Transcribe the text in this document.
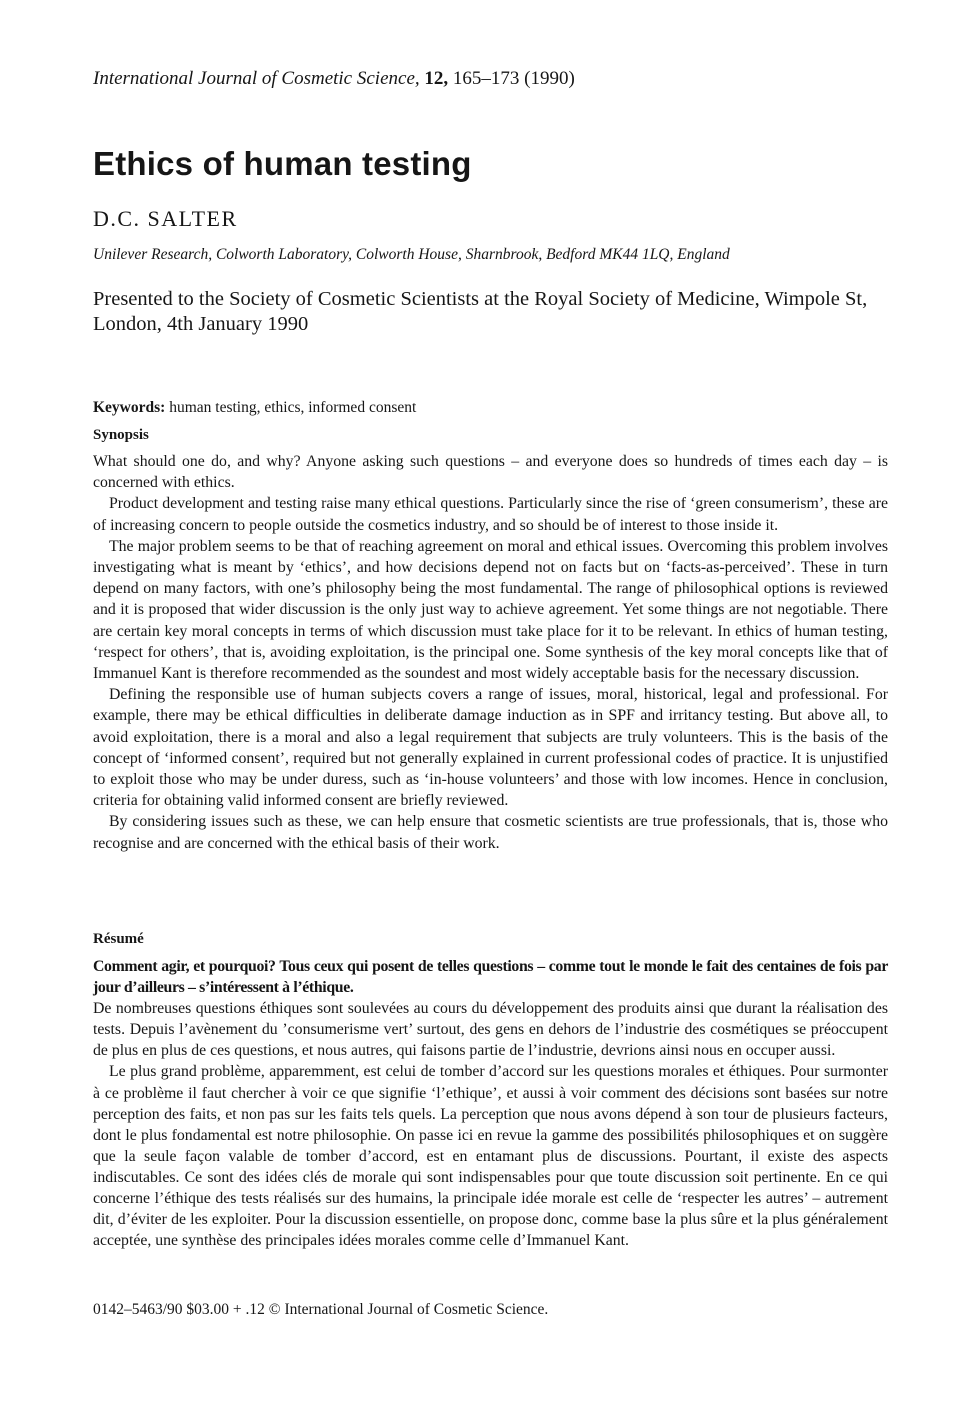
International Journal of Cosmetic Science, 12, 165–173 (1990)
Ethics of human testing
D.C. SALTER
Unilever Research, Colworth Laboratory, Colworth House, Sharnbrook, Bedford MK44 1LQ, England
Presented to the Society of Cosmetic Scientists at the Royal Society of Medicine, Wimpole St, London, 4th January 1990
Keywords: human testing, ethics, informed consent
Synopsis

What should one do, and why? Anyone asking such questions – and everyone does so hundreds of times each day – is concerned with ethics.

Product development and testing raise many ethical questions. Particularly since the rise of ‘green consumerism’, these are of increasing concern to people outside the cosmetics industry, and so should be of interest to those inside it.

The major problem seems to be that of reaching agreement on moral and ethical issues. Overcoming this problem involves investigating what is meant by ‘ethics’, and how decisions depend not on facts but on ‘facts-as-perceived’. These in turn depend on many factors, with one’s philosophy being the most fundamental. The range of philosophical options is reviewed and it is proposed that wider discussion is the only just way to achieve agreement. Yet some things are not negotiable. There are certain key moral concepts in terms of which discussion must take place for it to be relevant. In ethics of human testing, ‘respect for others’, that is, avoiding exploitation, is the principal one. Some synthesis of the key moral concepts like that of Immanuel Kant is therefore recommended as the soundest and most widely acceptable basis for the necessary discussion.

Defining the responsible use of human subjects covers a range of issues, moral, historical, legal and professional. For example, there may be ethical difficulties in deliberate damage induction as in SPF and irritancy testing. But above all, to avoid exploitation, there is a moral and also a legal requirement that subjects are truly volunteers. This is the basis of the concept of ‘informed consent’, required but not generally explained in current professional codes of practice. It is unjustified to exploit those who may be under duress, such as ‘in-house volunteers’ and those with low incomes. Hence in conclusion, criteria for obtaining valid informed consent are briefly reviewed.

By considering issues such as these, we can help ensure that cosmetic scientists are true professionals, that is, those who recognise and are concerned with the ethical basis of their work.

Résumé

Comment agir, et pourquoi? Tous ceux qui posent de telles questions – comme tout le monde le fait des centaines de fois par jour d’ailleurs – s’intéressent à l’éthique.

De nombreuses questions éthiques sont soulevées au cours du développement des produits ainsi que durant la réalisation des tests. Depuis l’avènement du ’consumerisme vert’ surtout, des gens en dehors de l’industrie des cosmétiques se préoccupent de plus en plus de ces questions, et nous autres, qui faisons partie de l’industrie, devrions ainsi nous en occuper aussi.

Le plus grand problème, apparemment, est celui de tomber d’accord sur les questions morales et éthiques. Pour surmonter à ce problème il faut chercher à voir ce que signifie ‘l’ethique’, et aussi à voir comment des décisions sont basées sur notre perception des faits, et non pas sur les faits tels quels. La perception que nous avons dépend à son tour de plusieurs facteurs, dont le plus fondamental est notre philosophie. On passe ici en revue la gamme des possibilités philosophiques et on suggère que la seule façon valable de tomber d’accord, est en entamant plus de discussions. Pourtant, il existe des aspects indiscutables. Ce sont des idées clés de morale qui sont indispensables pour que toute discussion soit pertinente. En ce qui concerne l’éthique des tests réalisés sur des humains, la principale idée morale est celle de ‘respecter les autres’ – autrement dit, d’éviter de les exploiter. Pour la discussion essentielle, on propose donc, comme base la plus sûre et la plus généralement acceptée, une synthèse des principales idées morales comme celle d’Immanuel Kant.

0142–5463/90 $03.00 + .12 © International Journal of Cosmetic Science.
